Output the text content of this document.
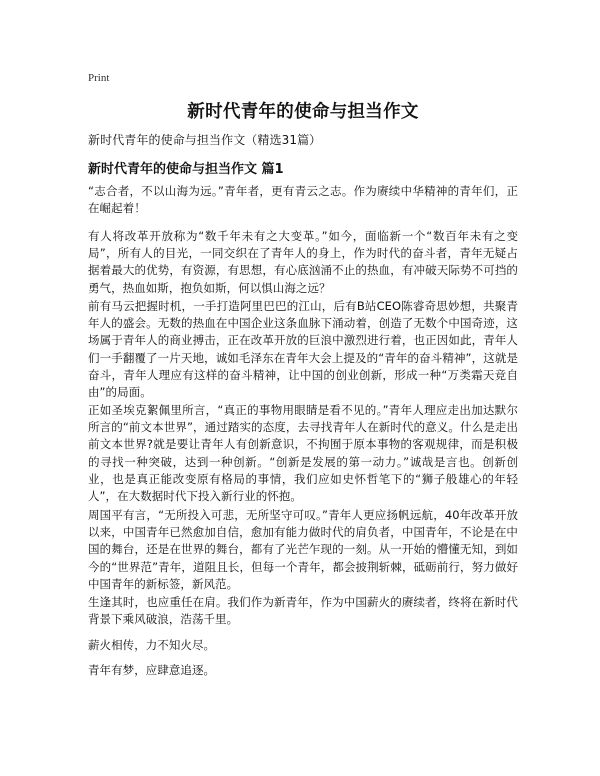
Print
新时代青年的使命与担当作文

新时代青年的使命与担当作文（精选31篇）

新时代青年的使命与担当作文 篇1

“志合者，不以山海为远。”青年者，更有青云之志。作为赓续中华精神的青年们，正在崛起着！

有人将改革开放称为“数千年未有之大变革。”如今，面临新一个“数百年未有之变局”，所有人的目光，一同交织在了青年人的身上，作为时代的奋斗者，青年无疑占据着最大的优势，有资源，有思想，有心底汹涌不止的热血，有冲破天际势不可挡的勇气，热血如斯，抱负如斯，何以惧山海之远？

前有马云把握时机，一手打造阿里巴巴的江山，后有B站CEO陈睿奇思妙想，共聚青年人的盛会。无数的热血在中国企业这条血脉下涌动着，创造了无数个中国奇迹，这场属于青年人的商业搏击，正在改革开放的巨浪中激烈进行着，也正因如此，青年人们一手翻覆了一片天地，诚如毛泽东在青年大会上提及的“青年的奋斗精神”，这就是奋斗，青年人理应有这样的奋斗精神，让中国的创业创新，形成一种“万类霜天竞自由”的局面。

正如圣埃克絮佩里所言，“真正的事物用眼睛是看不见的。”青年人理应走出加达默尔所言的“前文本世界”，通过踏实的态度，去寻找青年人在新时代的意义。什么是走出前文本世界?就是要让青年人有创新意识，不拘囿于原本事物的客观规律，而是积极的寻找一种突破，达到一种创新。“创新是发展的第一动力。”诚哉是言也。创新创业，也是真正能改变原有格局的事情，我们应如史怀哲笔下的“狮子般雄心的年轻人”，在大数据时代下投入新行业的怀抱。

周国平有言，“无所投入可悲，无所坚守可叹。”青年人更应扬帆远航，40年改革开放以来，中国青年已然愈加自信，愈加有能力做时代的肩负者，中国青年，不论是在中国的舞台，还是在世界的舞台，都有了光芒乍现的一刻。从一开始的懵懂无知，到如今的“世界范”青年，道阻且长，但每一个青年，都会披荆斩棘，砥砺前行，努力做好中国青年的新标签，新风范。

生逢其时，也应重任在肩。我们作为新青年，作为中国薪火的赓续者，终将在新时代背景下乘风破浪，浩荡千里。

薪火相传，力不知火尽。

青年有梦，应肆意追逐。
